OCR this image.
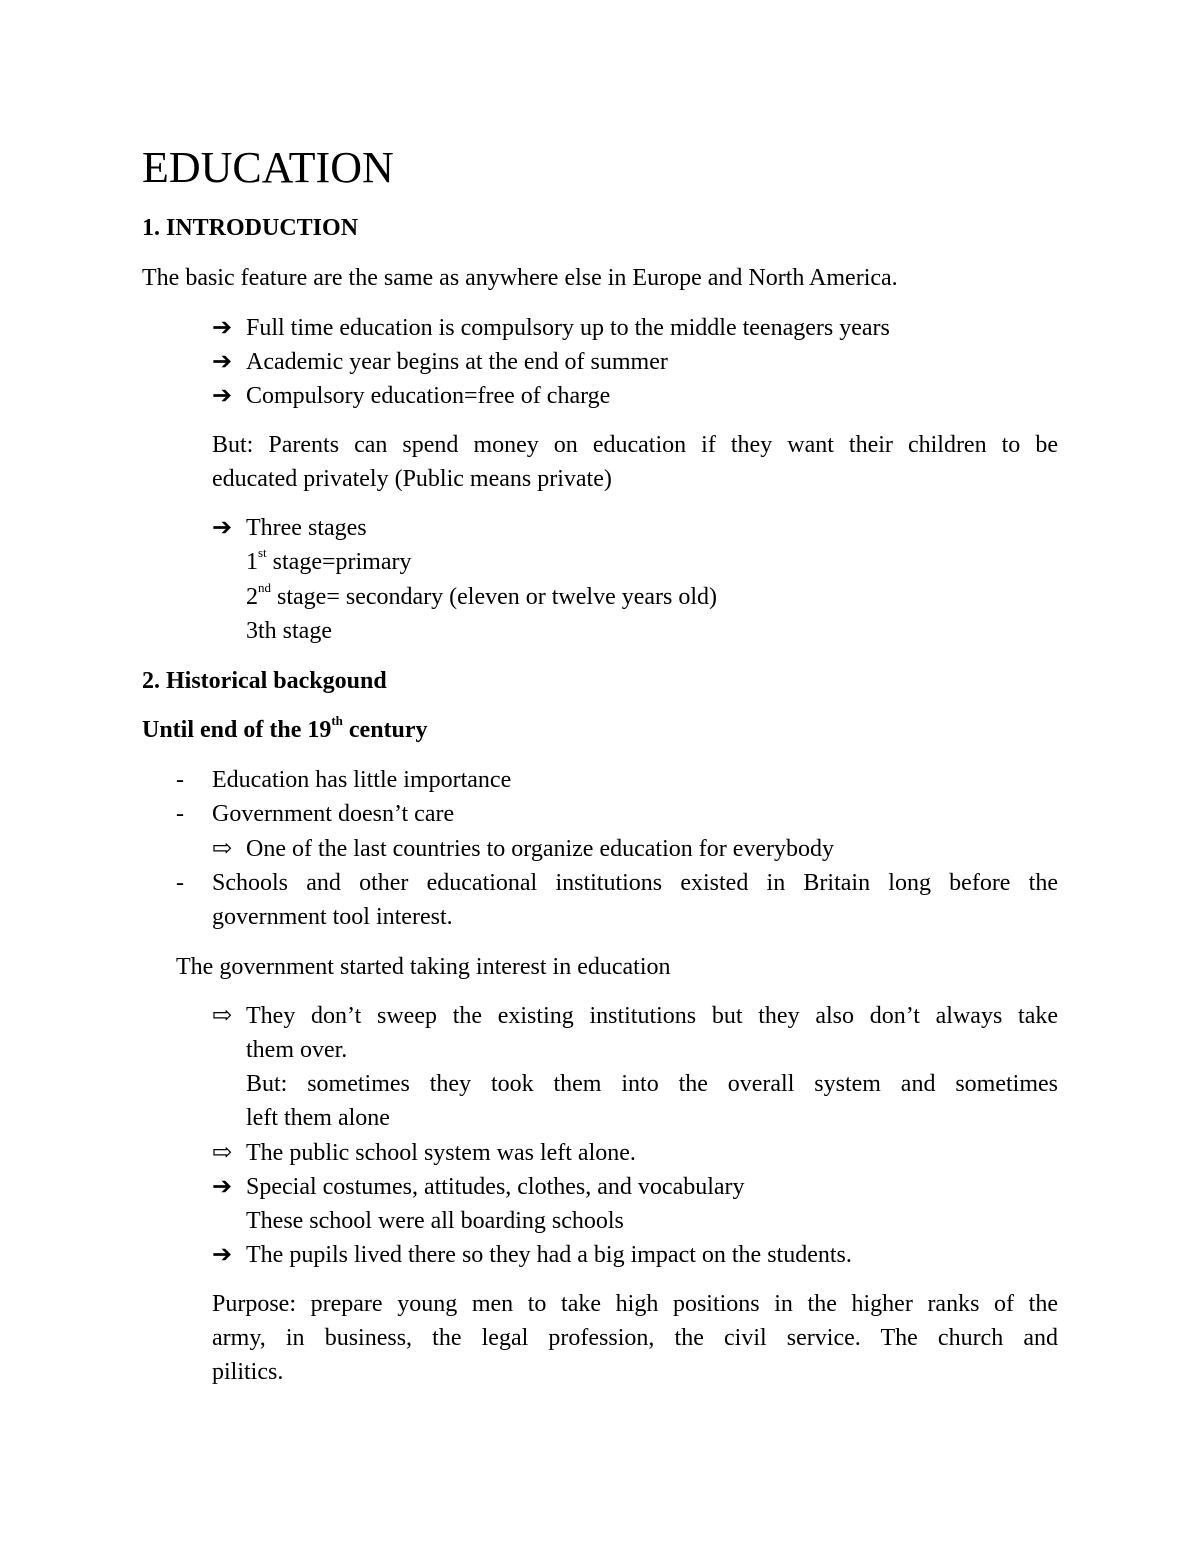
EDUCATION
1. INTRODUCTION
The basic feature are the same as anywhere else in Europe and North America.
➔ Full time education is compulsory up to the middle teenagers years
➔ Academic year begins at the end of summer
➔ Compulsory education=free of charge
But: Parents can spend money on education if they want their children to be
educated privately (Public means private)
➔ Three stages
1st stage=primary
2nd stage= secondary (eleven or twelve years old)
3th stage
2. Historical backgound
Until end of the 19th century
- Education has little importance
- Government doesn’t care
⇨ One of the last countries to organize education for everybody
- Schools and other educational institutions existed in Britain long before the
government tool interest.
The government started taking interest in education
⇨ They don’t sweep the existing institutions but they also don’t always take
them over.
But: sometimes they took them into the overall system and sometimes
left them alone
⇨ The public school system was left alone.
➔ Special costumes, attitudes, clothes, and vocabulary
These school were all boarding schools
➔ The pupils lived there so they had a big impact on the students.
Purpose: prepare young men to take high positions in the higher ranks of the
army, in business, the legal profession, the civil service. The church and
pilitics.
